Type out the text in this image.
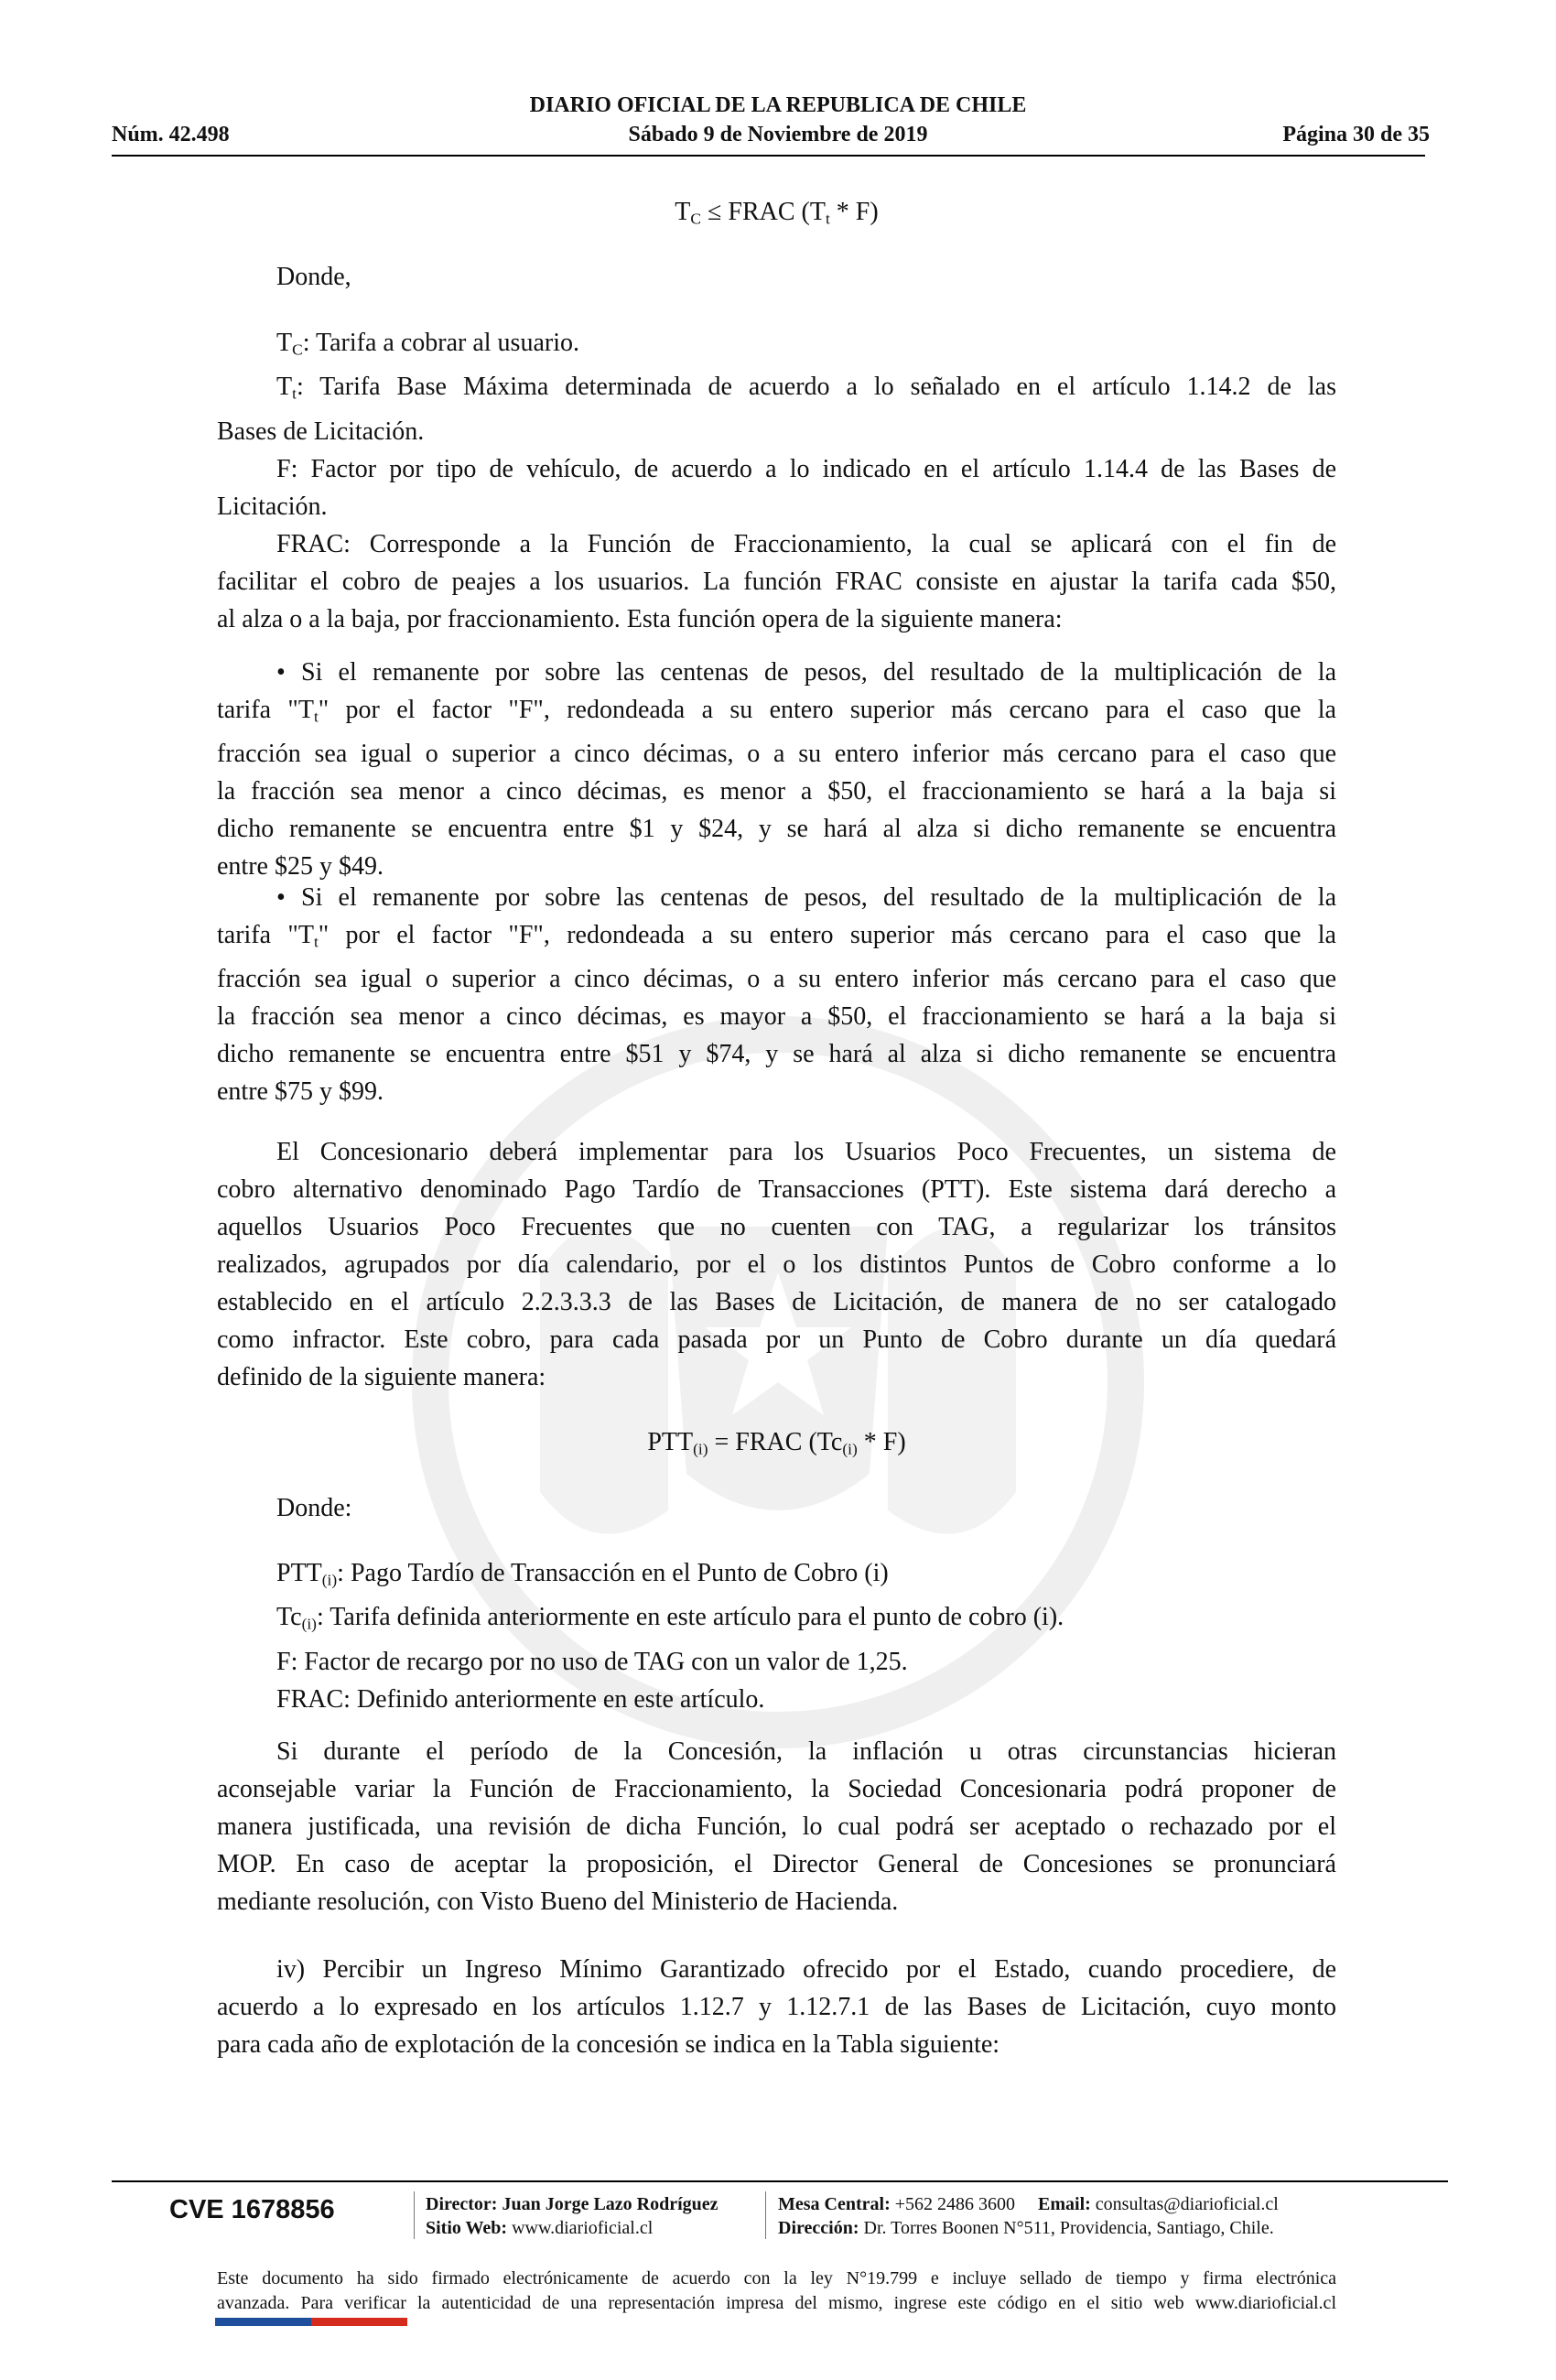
DIARIO OFICIAL DE LA REPUBLICA DE CHILE
Núm. 42.498	Sábado 9 de Noviembre de 2019	Página 30 de 35
$T_C$ ≤ FRAC $(T_t * F)$
Donde,
$T_C$: Tarifa a cobrar al usuario.
$T_t$: Tarifa Base Máxima determinada de acuerdo a lo señalado en el artículo 1.14.2 de las
Bases de Licitación.
F: Factor por tipo de vehículo, de acuerdo a lo indicado en el artículo 1.14.4 de las Bases de
Licitación.
FRAC: Corresponde a la Función de Fraccionamiento, la cual se aplicará con el fin de
facilitar el cobro de peajes a los usuarios. La función FRAC consiste en ajustar la tarifa cada $50,
al alza o a la baja, por fraccionamiento. Esta función opera de la siguiente manera:
• Si el remanente por sobre las centenas de pesos, del resultado de la multiplicación de la
tarifa "$T_t$" por el factor "F", redondeada a su entero superior más cercano para el caso que la
fracción sea igual o superior a cinco décimas, o a su entero inferior más cercano para el caso que
la fracción sea menor a cinco décimas, es menor a $50, el fraccionamiento se hará a la baja si
dicho remanente se encuentra entre $1 y $24, y se hará al alza si dicho remanente se encuentra
entre $25 y $49.
• Si el remanente por sobre las centenas de pesos, del resultado de la multiplicación de la
tarifa "$T_t$" por el factor "F", redondeada a su entero superior más cercano para el caso que la
fracción sea igual o superior a cinco décimas, o a su entero inferior más cercano para el caso que
la fracción sea menor a cinco décimas, es mayor a $50, el fraccionamiento se hará a la baja si
dicho remanente se encuentra entre $51 y $74, y se hará al alza si dicho remanente se encuentra
entre $75 y $99.
El Concesionario deberá implementar para los Usuarios Poco Frecuentes, un sistema de
cobro alternativo denominado Pago Tardío de Transacciones (PTT). Este sistema dará derecho a
aquellos Usuarios Poco Frecuentes que no cuenten con TAG, a regularizar los tránsitos
realizados, agrupados por día calendario, por el o los distintos Puntos de Cobro conforme a lo
establecido en el artículo 2.2.3.3.3 de las Bases de Licitación, de manera de no ser catalogado
como infractor. Este cobro, para cada pasada por un Punto de Cobro durante un día quedará
definido de la siguiente manera:
$PTT_{(i)}$ = FRAC $(Tc_{(i)} * F)$
Donde:
$PTT_{(i)}$: Pago Tardío de Transacción en el Punto de Cobro (i)
$Tc_{(i)}$: Tarifa definida anteriormente en este artículo para el punto de cobro (i).
F: Factor de recargo por no uso de TAG con un valor de 1,25.
FRAC: Definido anteriormente en este artículo.
Si durante el período de la Concesión, la inflación u otras circunstancias hicieran
aconsejable variar la Función de Fraccionamiento, la Sociedad Concesionaria podrá proponer de
manera justificada, una revisión de dicha Función, lo cual podrá ser aceptado o rechazado por el
MOP. En caso de aceptar la proposición, el Director General de Concesiones se pronunciará
mediante resolución, con Visto Bueno del Ministerio de Hacienda.
iv) Percibir un Ingreso Mínimo Garantizado ofrecido por el Estado, cuando procediere, de
acuerdo a lo expresado en los artículos 1.12.7 y 1.12.7.1 de las Bases de Licitación, cuyo monto
para cada año de explotación de la concesión se indica en la Tabla siguiente:
CVE 1678856	Director: Juan Jorge Lazo Rodríguez
Sitio Web: www.diarioficial.cl
Mesa Central: +562 2486 3600 Email: consultas@diarioficial.cl
Dirección: Dr. Torres Boonen N°511, Providencia, Santiago, Chile.
Este documento ha sido firmado electrónicamente de acuerdo con la ley N°19.799 e incluye sellado de tiempo y firma electrónica
avanzada. Para verificar la autenticidad de una representación impresa del mismo, ingrese este código en el sitio web www.diarioficial.cl
